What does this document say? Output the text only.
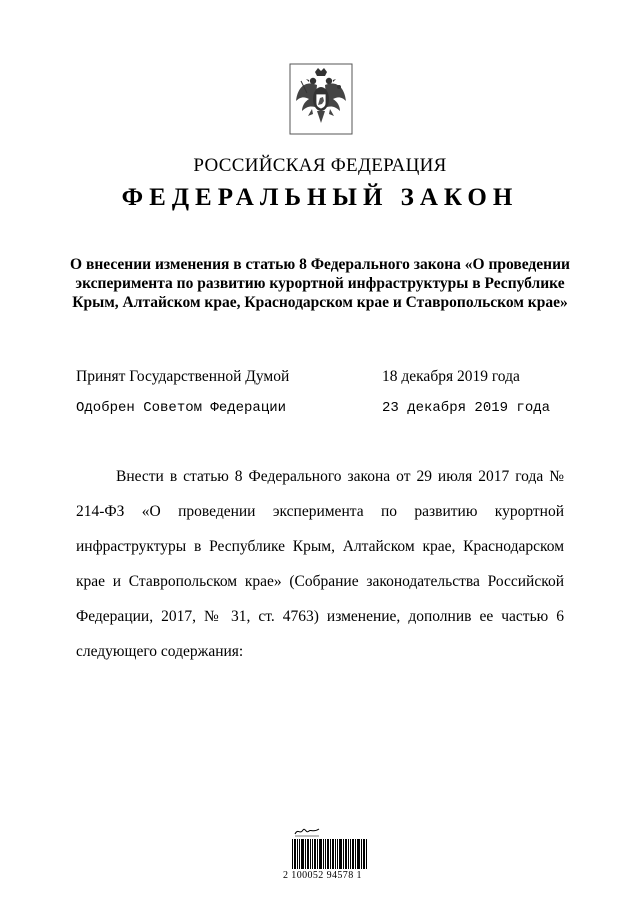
РОССИЙСКАЯ ФЕДЕРАЦИЯ
ФЕДЕРАЛЬНЫЙ ЗАКОН
О внесении изменения в статью 8 Федерального закона «О проведении
эксперимента по развитию курортной инфраструктуры в Республике
Крым, Алтайском крае, Краснодарском крае и Ставропольском крае»
Принят Государственной Думой	18 декабря 2019 года
Одобрен Советом Федерации	23 декабря 2019 года
Внести в статью 8 Федерального закона от 29 июля 2017 года № 214-ФЗ «О проведении эксперимента по развитию курортной инфраструктуры в Республике Крым, Алтайском крае, Краснодарском крае и Ставропольском крае» (Собрание законодательства Российской Федерации, 2017, № 31, ст. 4763) изменение, дополнив ее частью 6 следующего содержания:
2 100052 94578 1
